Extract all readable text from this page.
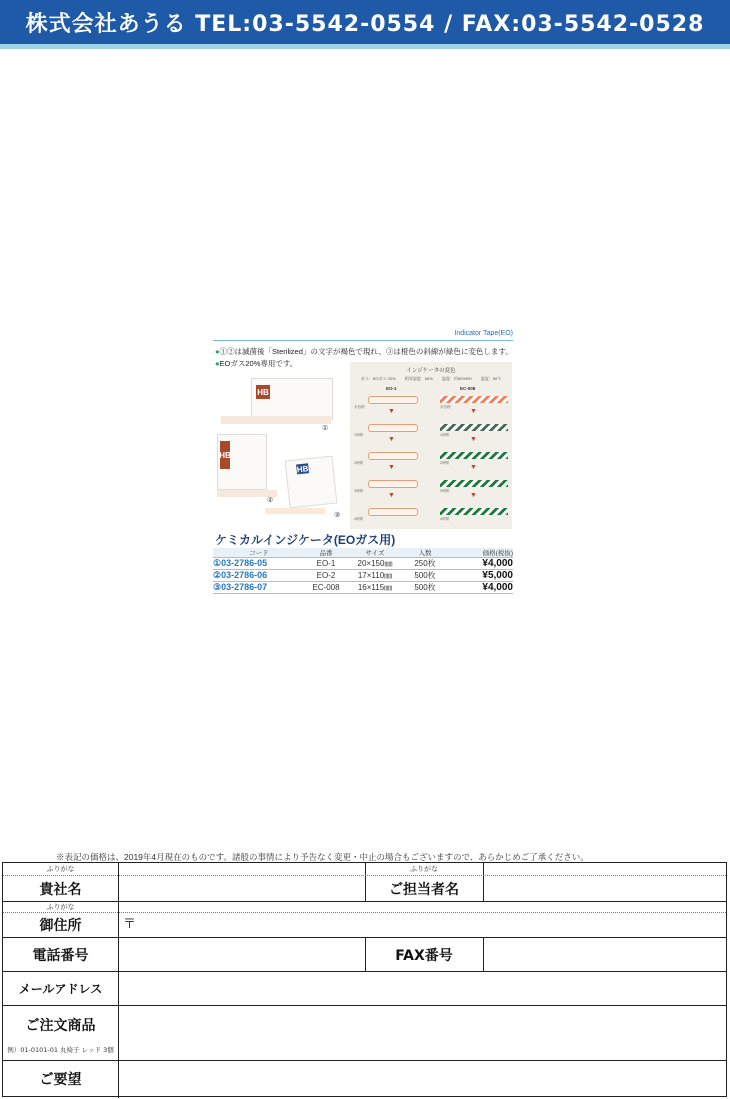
株式会社あうる TEL:03-5542-0554 / FAX:03-5542-0528
Indicator Tape(EO)
●①②は滅菌後「Sterilized」の文字が褐色で現れ、③は橙色の斜線が緑色に変色します。
●EOガス20%専用です。
HB
①
HB
②
HB
③
インジケータの変色
ガス：EOガス 20%　　 相対湿度：60%　　 温度：約50%RH　　 温度：50℃
EO-1	EC-008
未処理	未処理
▼	▼
1時間	1時間
▼	▼
2時間	2時間
▼	▼
3時間	3時間
▼	▼
4時間	4時間
ケミカルインジケータ(EOガス用)
コード	品番	サイズ	入数	価格(税抜)
①03-2786-05	EO-1	20×150㎜	250枚	¥4,000
②03-2786-06	EO-2	17×110㎜	500枚	¥5,000
③03-2786-07	EC-008	16×115㎜	500枚	¥4,000
※表記の価格は、2019年4月現在のものです。諸般の事情により予告なく変更・中止の場合もございますので、あらかじめご了承ください。
ふりがな	ふりがな
貴社名	ご担当者名
ふりがな
御住所	〒
電話番号	FAX番号
メールアドレス
ご注文商品
例）01-0101-01 丸椅子 レッド 3個
ご要望
